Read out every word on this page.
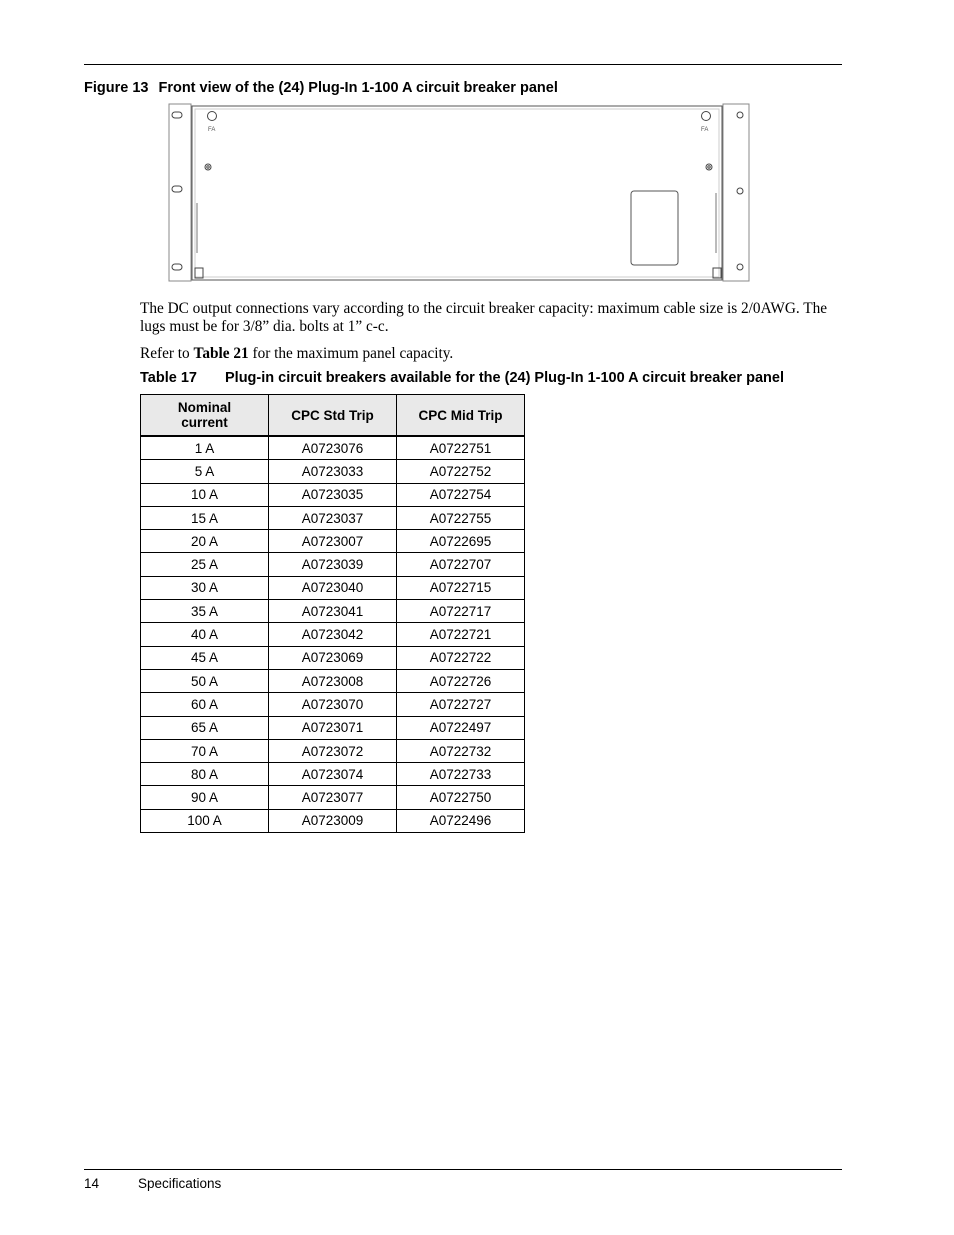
Figure 13 Front view of the (24) Plug-In 1-100 A circuit breaker panel
FA	FA
The DC output connections vary according to the circuit breaker capacity: maximum cable size is 2/0AWG. The lugs must be for 3/8” dia. bolts at 1” c-c.
Refer to Table 21 for the maximum panel capacity.
Table 17 Plug-in circuit breakers available for the (24) Plug-In 1-100 A circuit breaker panel
Nominal current	CPC Std Trip	CPC Mid Trip
1 A	A0723076	A0722751
5 A	A0723033	A0722752
10 A	A0723035	A0722754
15 A	A0723037	A0722755
20 A	A0723007	A0722695
25 A	A0723039	A0722707
30 A	A0723040	A0722715
35 A	A0723041	A0722717
40 A	A0723042	A0722721
45 A	A0723069	A0722722
50 A	A0723008	A0722726
60 A	A0723070	A0722727
65 A	A0723071	A0722497
70 A	A0723072	A0722732
80 A	A0723074	A0722733
90 A	A0723077	A0722750
100 A	A0723009	A0722496
14	Specifications
